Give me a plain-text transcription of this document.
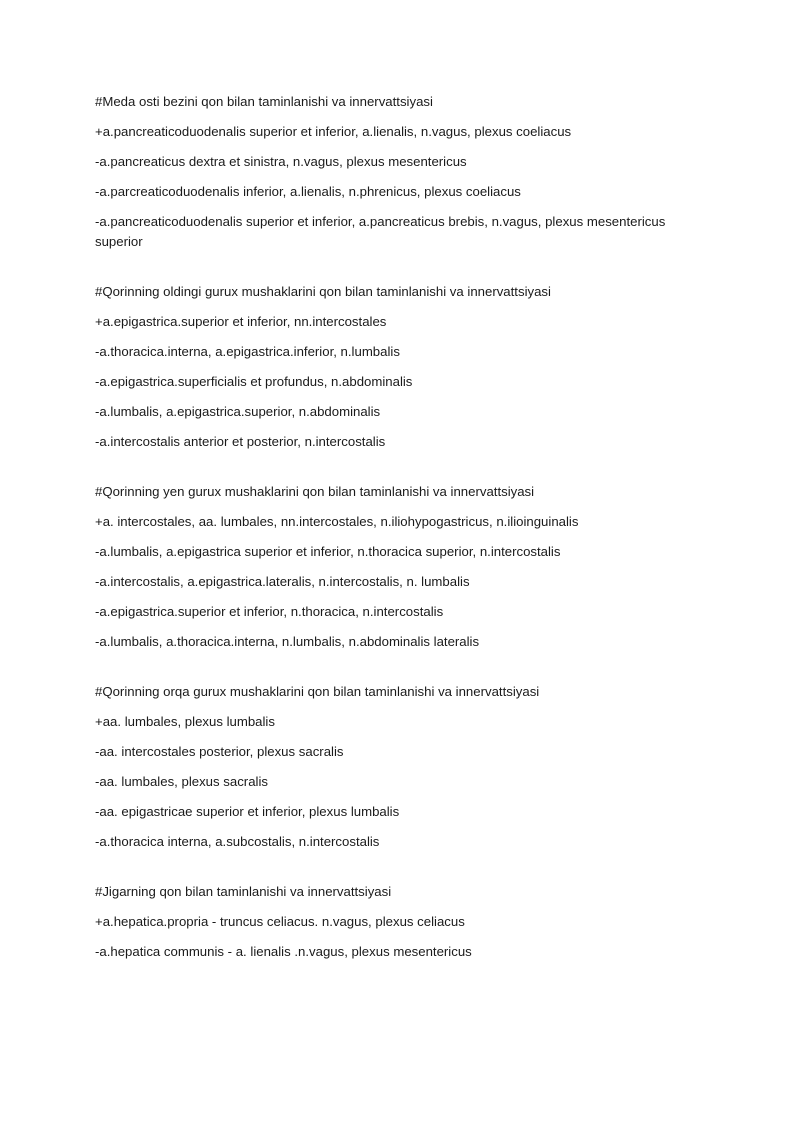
#Meda osti bezini qon bilan taminlanishi va innervattsiyasi
+a.pancreaticoduodenalis superior et inferior, a.lienalis, n.vagus, plexus coeliacus
-a.pancreaticus dextra et sinistra, n.vagus, plexus mesentericus
-a.parcreaticoduodenalis inferior, a.lienalis, n.phrenicus, plexus coeliacus
-a.pancreaticoduodenalis superior et inferior, a.pancreaticus brebis, n.vagus, plexus mesentericus superior
#Qorinning oldingi gurux mushaklarini qon bilan taminlanishi va innervattsiyasi
+a.epigastrica.superior et inferior, nn.intercostales
-a.thoracica.interna, a.epigastrica.inferior, n.lumbalis
-a.epigastrica.superficialis et profundus, n.abdominalis
-a.lumbalis, a.epigastrica.superior, n.abdominalis
-a.intercostalis anterior et posterior, n.intercostalis
#Qorinning yen gurux mushaklarini qon bilan taminlanishi va innervattsiyasi
+a. intercostales, aa. lumbales, nn.intercostales, n.iliohypogastricus, n.ilioinguinalis
-a.lumbalis, a.epigastrica superior et inferior, n.thoracica superior, n.intercostalis
-a.intercostalis, a.epigastrica.lateralis, n.intercostalis, n. lumbalis
-a.epigastrica.superior et inferior, n.thoracica, n.intercostalis
-a.lumbalis, a.thoracica.interna, n.lumbalis, n.abdominalis lateralis
#Qorinning orqa gurux mushaklarini qon bilan taminlanishi va innervattsiyasi
+aa. lumbales, plexus lumbalis
-aa. intercostales posterior, plexus sacralis
-aa. lumbales, plexus sacralis
-aa. epigastricae superior et inferior, plexus lumbalis
-a.thoracica interna, a.subcostalis, n.intercostalis
#Jigarning qon bilan taminlanishi va innervattsiyasi
+a.hepatica.propria - truncus celiacus. n.vagus, plexus celiacus
-a.hepatica communis - a. lienalis .n.vagus, plexus mesentericus
